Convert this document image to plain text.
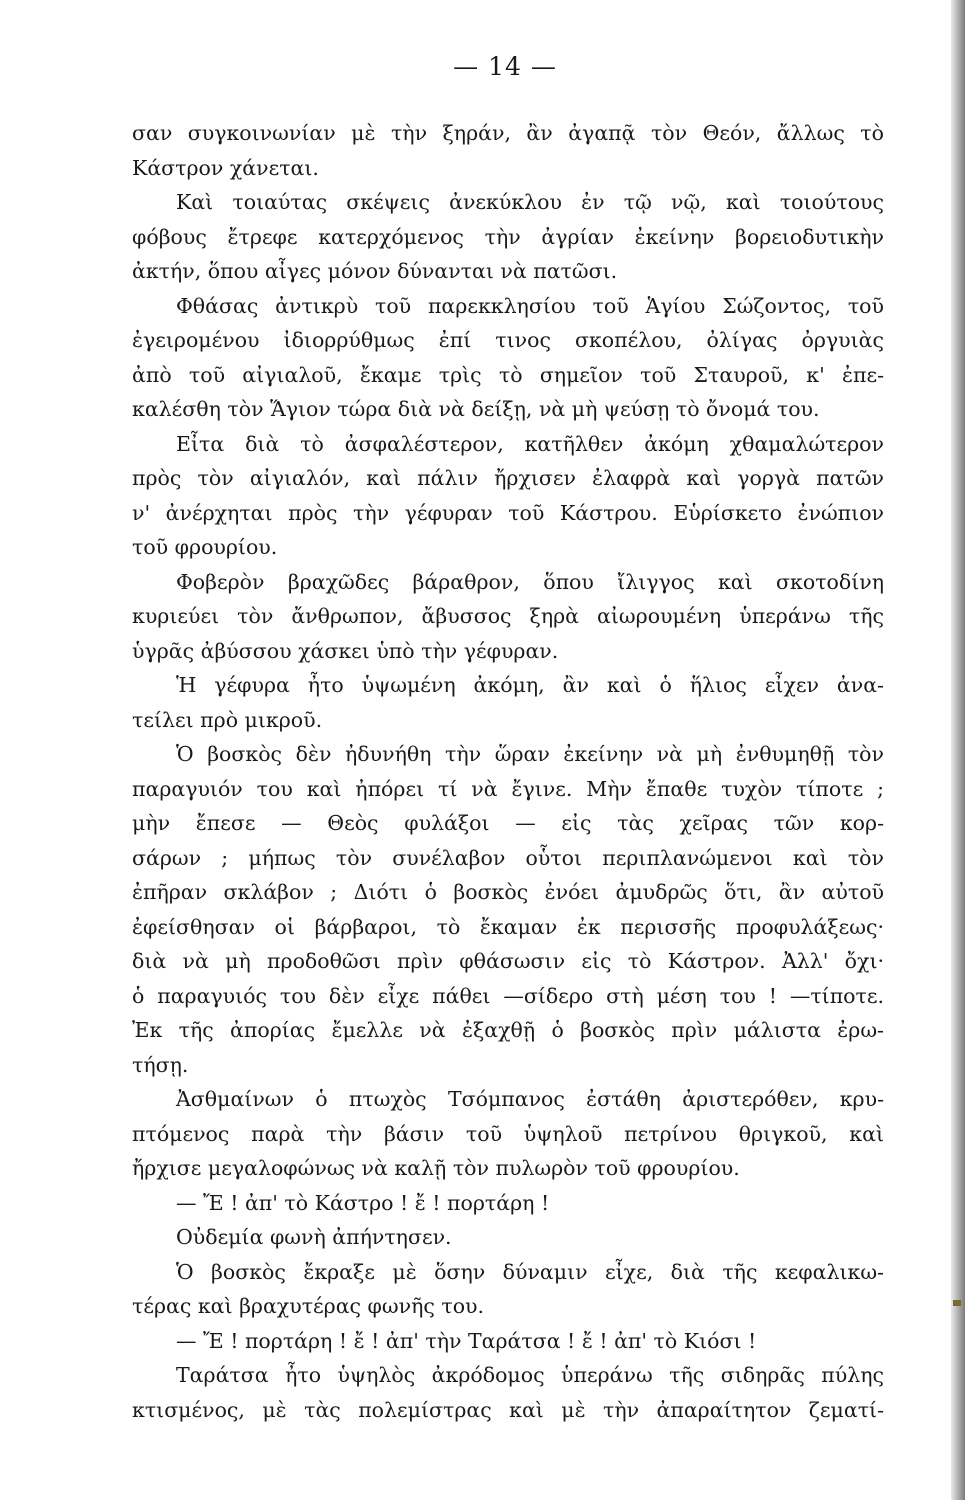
— 14 —
σαν συγκοινωνίαν μὲ τὴν ξηράν, ἂν ἀγαπᾷ τὸν Θεόν, ἄλλως τὸ
Κάστρον χάνεται.
Καὶ τοιαύτας σκέψεις ἀνεκύκλου ἐν τῷ νῷ, καὶ τοιούτους
φόβους ἔτρεφε κατερχόμενος τὴν ἀγρίαν ἐκείνην βορειοδυτικὴν
ἀκτήν, ὅπου αἶγες μόνον δύνανται νὰ πατῶσι.
Φθάσας ἀντικρὺ τοῦ παρεκκλησίου τοῦ Ἁγίου Σώζοντος, τοῦ
ἐγειρομένου ἰδιορρύθμως ἐπί τινος σκοπέλου, ὀλίγας ὀργυιὰς
ἀπὸ τοῦ αἰγιαλοῦ, ἔκαμε τρὶς τὸ σημεῖον τοῦ Σταυροῦ, κ' ἐπε-
καλέσθη τὸν Ἅγιον τώρα διὰ νὰ δείξῃ, νὰ μὴ ψεύσῃ τὸ ὄνομά του.
Εἶτα διὰ τὸ ἀσφαλέστερον, κατῆλθεν ἀκόμη χθαμαλώτερον
πρὸς τὸν αἰγιαλόν, καὶ πάλιν ἤρχισεν ἐλαφρὰ καὶ γοργὰ πατῶν
ν' ἀνέρχηται πρὸς τὴν γέφυραν τοῦ Κάστρου. Εὑρίσκετο ἐνώπιον
τοῦ φρουρίου.
Φοβερὸν βραχῶδες βάραθρον, ὅπου ἴλιγγος καὶ σκοτοδίνη
κυριεύει τὸν ἄνθρωπον, ἄβυσσος ξηρὰ αἰωρουμένη ὑπεράνω τῆς
ὑγρᾶς ἀβύσσου χάσκει ὑπὸ τὴν γέφυραν.
Ἡ γέφυρα ἦτο ὑψωμένη ἀκόμη, ἂν καὶ ὁ ἥλιος εἶχεν ἀνα-
τείλει πρὸ μικροῦ.
Ὁ βοσκὸς δὲν ἠδυνήθη τὴν ὥραν ἐκείνην νὰ μὴ ἐνθυμηθῇ τὸν
παραγυιόν του καὶ ἠπόρει τί νὰ ἔγινε. Μὴν ἔπαθε τυχὸν τίποτε ;
μὴν ἔπεσε — Θεὸς φυλάξοι — εἰς τὰς χεῖρας τῶν κορ-
σάρων ; μήπως τὸν συνέλαβον οὗτοι περιπλανώμενοι καὶ τὸν
ἐπῆραν σκλάβον ; Διότι ὁ βοσκὸς ἐνόει ἀμυδρῶς ὅτι, ἂν αὐτοῦ
ἐφείσθησαν οἱ βάρβαροι, τὸ ἔκαμαν ἐκ περισσῆς προφυλάξεως·
διὰ νὰ μὴ προδοθῶσι πρὶν φθάσωσιν εἰς τὸ Κάστρον. Ἀλλ' ὄχι·
ὁ παραγυιός του δὲν εἶχε πάθει —σίδερο στὴ μέση του ! —τίποτε.
Ἐκ τῆς ἀπορίας ἔμελλε νὰ ἐξαχθῇ ὁ βοσκὸς πρὶν μάλιστα ἐρω-
τήσῃ.
Ἀσθμαίνων ὁ πτωχὸς Τσόμπανος ἐστάθη ἀριστερόθεν, κρυ-
πτόμενος παρὰ τὴν βάσιν τοῦ ὑψηλοῦ πετρίνου θριγκοῦ, καὶ
ἤρχισε μεγαλοφώνως νὰ καλῇ τὸν πυλωρὸν τοῦ φρουρίου.
— Ἔ ! ἀπ' τὸ Κάστρο ! ἔ ! πορτάρη !
Οὐδεμία φωνὴ ἀπήντησεν.
Ὁ βοσκὸς ἔκραξε μὲ ὅσην δύναμιν εἶχε, διὰ τῆς κεφαλικω-
τέρας καὶ βραχυτέρας φωνῆς του.
— Ἔ ! πορτάρη ! ἔ ! ἀπ' τὴν Ταράτσα ! ἔ ! ἀπ' τὸ Κιόσι !
Ταράτσα ἦτο ὑψηλὸς ἀκρόδομος ὑπεράνω τῆς σιδηρᾶς πύλης
κτισμένος, μὲ τὰς πολεμίστρας καὶ μὲ τὴν ἀπαραίτητον ζεματί-
